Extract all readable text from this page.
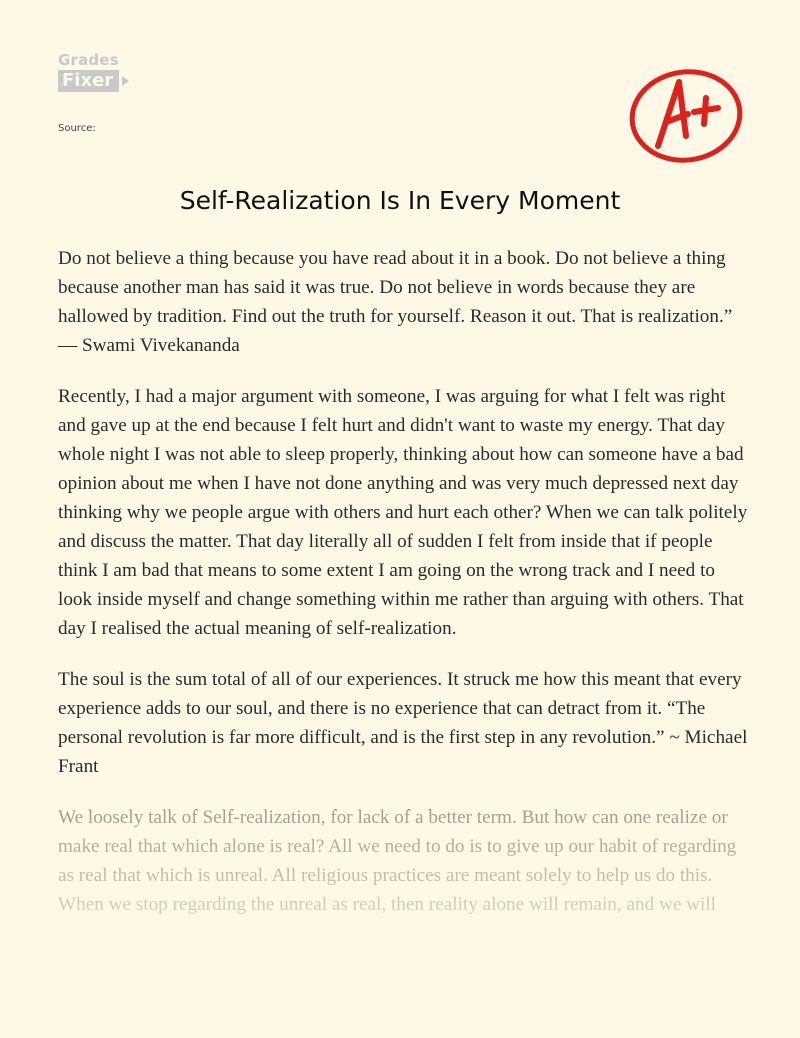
Grades
Fixer
Source:
Self-Realization Is In Every Moment

Do not believe a thing because you have read about it in a book. Do not believe a thing because another man has said it was true. Do not believe in words because they are hallowed by tradition. Find out the truth for yourself. Reason it out. That is realization.” — Swami Vivekananda

Recently, I had a major argument with someone, I was arguing for what I felt was right and gave up at the end because I felt hurt and didn't want to waste my energy. That day whole night I was not able to sleep properly, thinking about how can someone have a bad opinion about me when I have not done anything and was very much depressed next day thinking why we people argue with others and hurt each other? When we can talk politely and discuss the matter. That day literally all of sudden I felt from inside that if people think I am bad that means to some extent I am going on the wrong track and I need to look inside myself and change something within me rather than arguing with others. That day I realised the actual meaning of self-realization.

The soul is the sum total of all of our experiences. It struck me how this meant that every experience adds to our soul, and there is no experience that can detract from it. “The personal revolution is far more difficult, and is the first step in any revolution.” ~ Michael Frant
